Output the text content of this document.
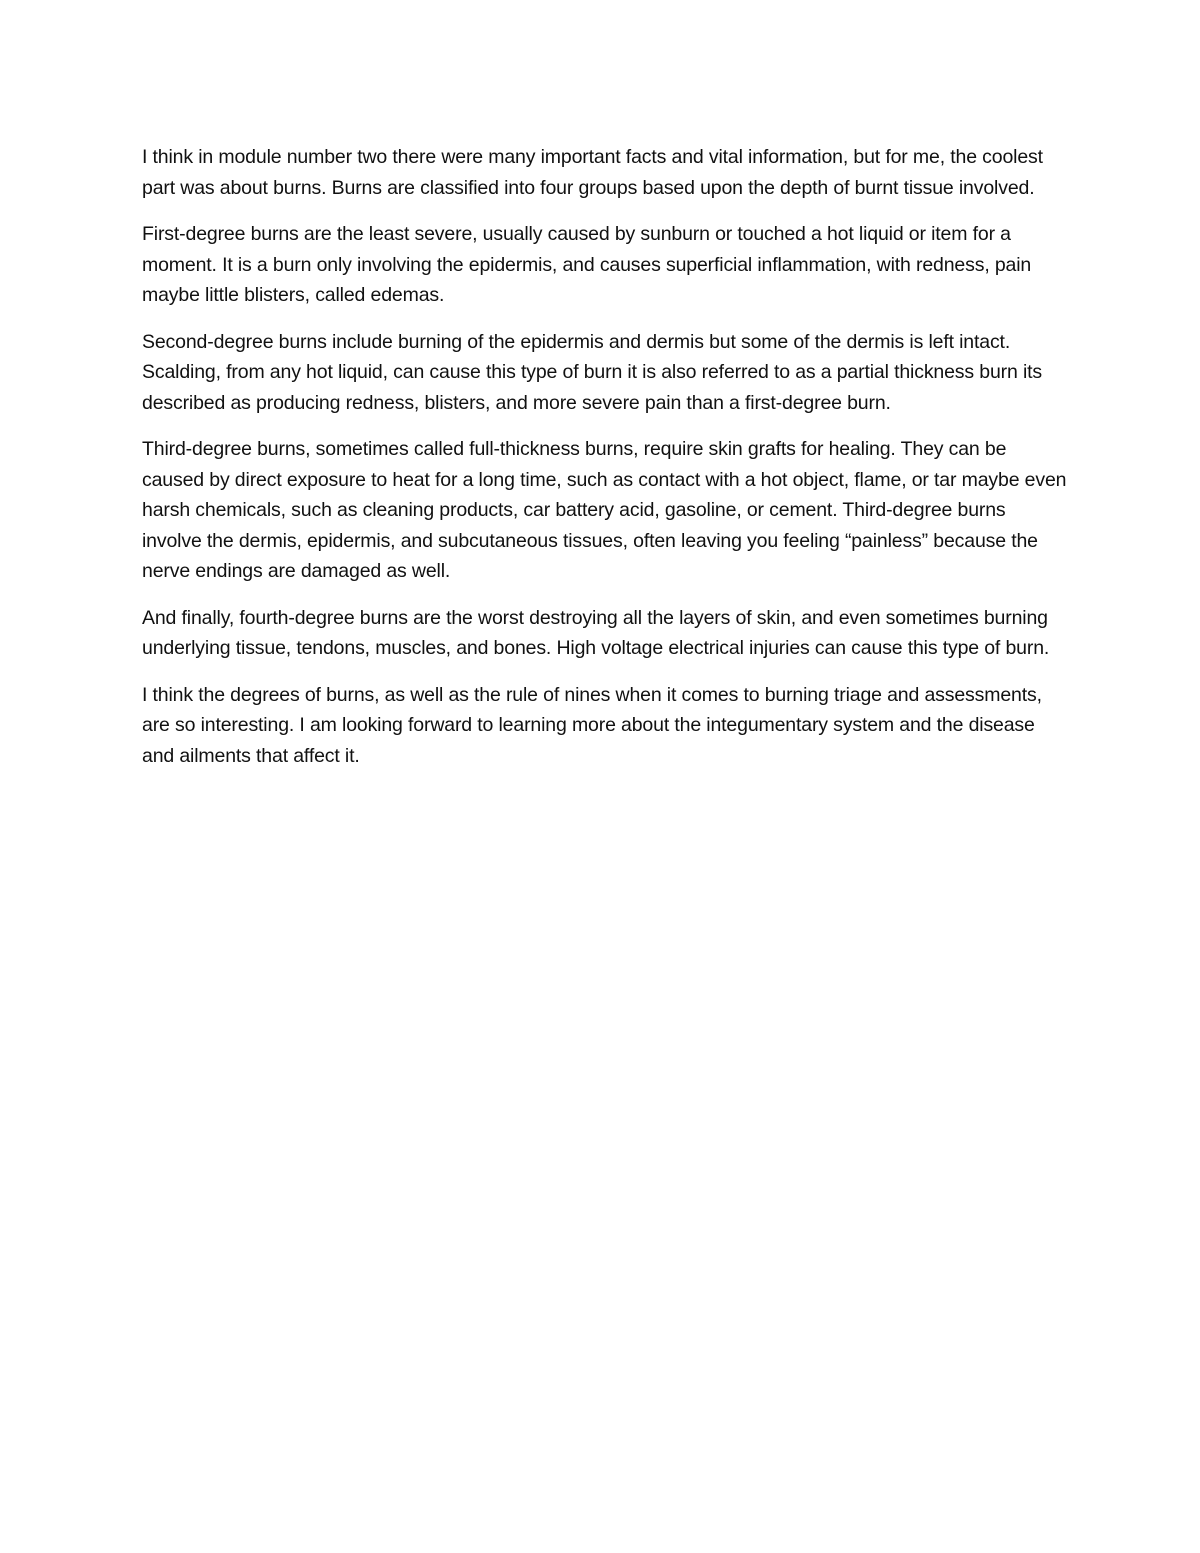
I think in module number two there were many important facts and vital information, but for me, the coolest part was about burns. Burns are classified into four groups based upon the depth of burnt tissue involved.

First-degree burns are the least severe, usually caused by sunburn or touched a hot liquid or item for a moment. It is a burn only involving the epidermis, and causes superficial inflammation, with redness, pain maybe little blisters, called edemas.

Second-degree burns include burning of the epidermis and dermis but some of the dermis is left intact. Scalding, from any hot liquid, can cause this type of burn it is also referred to as a partial thickness burn its described as producing redness, blisters, and more severe pain than a first-degree burn.

Third-degree burns, sometimes called full-thickness burns, require skin grafts for healing. They can be caused by direct exposure to heat for a long time, such as contact with a hot object, flame, or tar maybe even harsh chemicals, such as cleaning products, car battery acid, gasoline, or cement. Third-degree burns involve the dermis, epidermis, and subcutaneous tissues, often leaving you feeling “painless” because the nerve endings are damaged as well.

And finally, fourth-degree burns are the worst destroying all the layers of skin, and even sometimes burning underlying tissue, tendons, muscles, and bones. High voltage electrical injuries can cause this type of burn.

I think the degrees of burns, as well as the rule of nines when it comes to burning triage and assessments, are so interesting. I am looking forward to learning more about the integumentary system and the disease and ailments that affect it.
